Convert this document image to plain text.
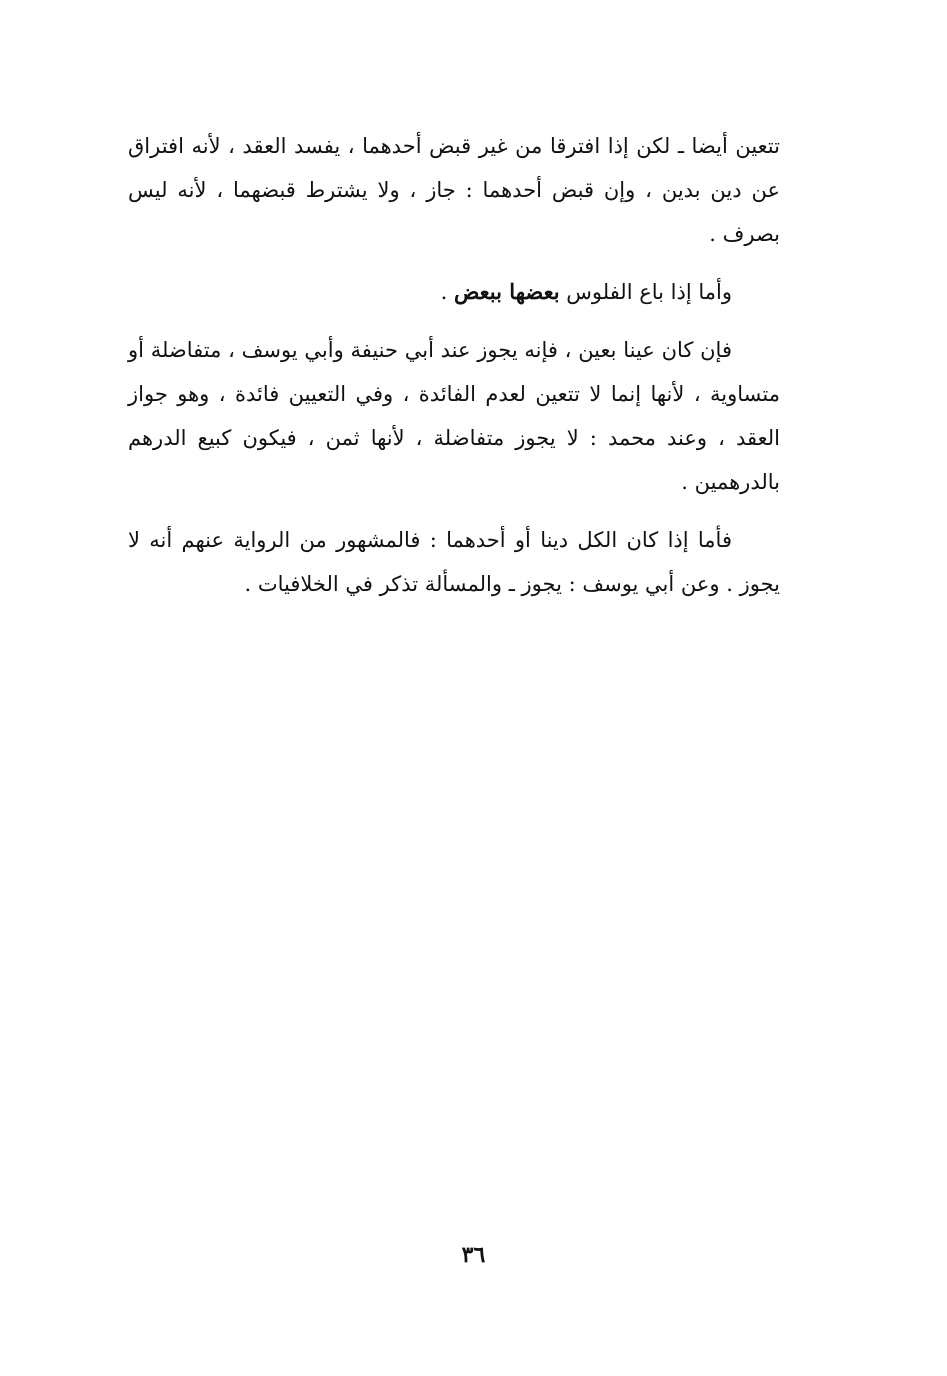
تتعين أيضا ـ لكن إذا افترقا من غير قبض أحدهما ، يفسد العقد ، لأنه افتراق عن دين بدين ، وإن قبض أحدهما : جاز ، ولا يشترط قبضهما ، لأنه ليس بصرف .

وأما إذا باع الفلوس بعضها ببعض .

فإن كان عينا بعين ، فإنه يجوز عند أبي حنيفة وأبي يوسف ، متفاضلة أو متساوية ، لأنها إنما لا تتعين لعدم الفائدة ، وفي التعيين فائدة ، وهو جواز العقد ، وعند محمد : لا يجوز متفاضلة ، لأنها ثمن ، فيكون كبيع الدرهم بالدرهمين .

فأما إذا كان الكل دينا أو أحدهما : فالمشهور من الرواية عنهم أنه لا يجوز . وعن أبي يوسف : يجوز ـ والمسألة تذكر في الخلافيات .

٣٦
